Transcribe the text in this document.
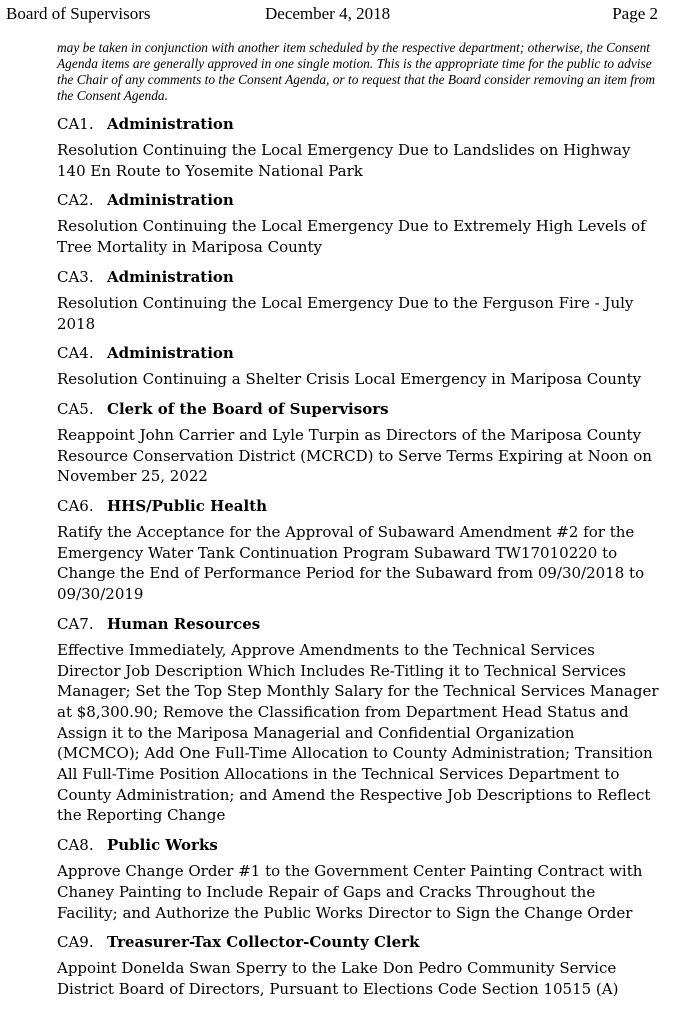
Board of Supervisors	December 4, 2018	Page 2

may be taken in conjunction with another item scheduled by the respective department; otherwise, the Consent Agenda items are generally approved in one single motion. This is the appropriate time for the public to advise the Chair of any comments to the Consent Agenda, or to request that the Board consider removing an item from the Consent Agenda.

CA1. Administration
Resolution Continuing the Local Emergency Due to Landslides on Highway 140 En Route to Yosemite National Park
CA2. Administration
Resolution Continuing the Local Emergency Due to Extremely High Levels of Tree Mortality in Mariposa County
CA3. Administration
Resolution Continuing the Local Emergency Due to the Ferguson Fire - July 2018
CA4. Administration
Resolution Continuing a Shelter Crisis Local Emergency in Mariposa County
CA5. Clerk of the Board of Supervisors
Reappoint John Carrier and Lyle Turpin as Directors of the Mariposa County Resource Conservation District (MCRCD) to Serve Terms Expiring at Noon on November 25, 2022
CA6. HHS/Public Health
Ratify the Acceptance for the Approval of Subaward Amendment #2 for the Emergency Water Tank Continuation Program Subaward TW17010220 to Change the End of Performance Period for the Subaward from 09/30/2018 to 09/30/2019
CA7. Human Resources
Effective Immediately, Approve Amendments to the Technical Services Director Job Description Which Includes Re-Titling it to Technical Services Manager; Set the Top Step Monthly Salary for the Technical Services Manager at $8,300.90; Remove the Classification from Department Head Status and Assign it to the Mariposa Managerial and Confidential Organization (MCMCO); Add One Full-Time Allocation to County Administration; Transition All Full-Time Position Allocations in the Technical Services Department to County Administration; and Amend the Respective Job Descriptions to Reflect the Reporting Change
CA8. Public Works
Approve Change Order #1 to the Government Center Painting Contract with Chaney Painting to Include Repair of Gaps and Cracks Throughout the Facility; and Authorize the Public Works Director to Sign the Change Order
CA9. Treasurer-Tax Collector-County Clerk
Appoint Donelda Swan Sperry to the Lake Don Pedro Community Service District Board of Directors, Pursuant to Elections Code Section 10515 (A)
